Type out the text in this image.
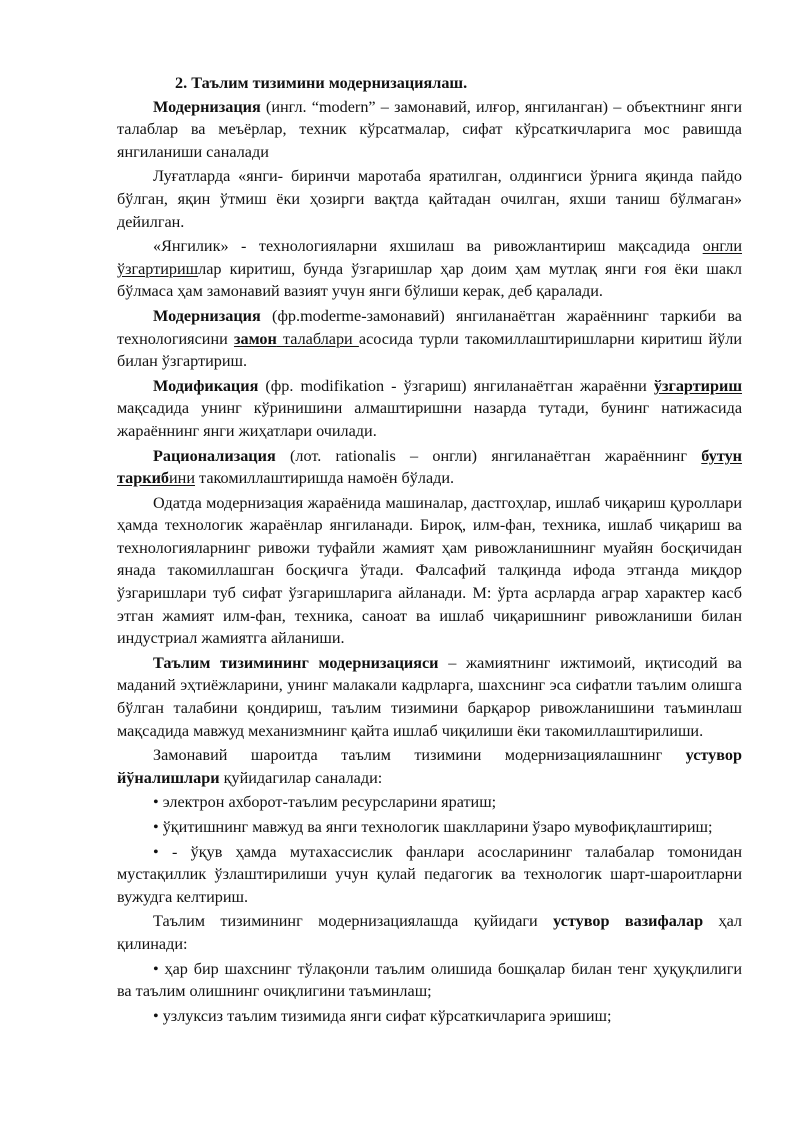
2. Таълим тизимини модернизациялаш.

Модернизация (ингл. “modern” – замонавий, илғор, янгиланган) – объектнинг янги талаблар ва меъёрлар, техник кўрсатмалар, сифат кўрсаткичларига мос равишда янгиланиши саналади

Луғатларда «янги- биринчи маротаба яратилган, олдингиси ўрнига яқинда пайдо бўлган, яқин ўтмиш ёки ҳозирги вақтда қайтадан очилган, яхши таниш бўлмаган» дейилган.

«Янгилик» - технологияларни яхшилаш ва ривожлантириш мақсадида онгли ўзгартиришлар киритиш, бунда ўзгаришлар ҳар доим ҳам мутлақ янги ғоя ёки шакл бўлмаса ҳам замонавий вазият учун янги бўлиши керак, деб қаралади.

Модернизация (фр.moderme-замонавий) янгиланаётган жараённинг таркиби ва технологиясини замон талаблари асосида турли такомиллаштиришларни киритиш йўли билан ўзгартириш.

Модификация (фр. modifikation - ўзгариш) янгиланаётган жараённи ўзгартириш мақсадида унинг кўринишини алмаштиришни назарда тутади, бунинг натижасида жараённинг янги жиҳатлари очилади.

Рационализация (лот. rationalis – онгли) янгиланаётган жараённинг бутун таркибини такомиллаштиришда намоён бўлади.

Одатда модернизация жараёнида машиналар, дастгоҳлар, ишлаб чиқариш қуроллари ҳамда технологик жараёнлар янгиланади. Бироқ, илм-фан, техника, ишлаб чиқариш ва технологияларнинг ривожи туфайли жамият ҳам ривожланишнинг муайян босқичидан янада такомиллашган босқичга ўтади. Фалсафий талқинда ифода этганда миқдор ўзгаришлари туб сифат ўзгаришларига айланади. М: ўрта асрларда аграр характер касб этган жамият илм-фан, техника, саноат ва ишлаб чиқаришнинг ривожланиши билан индустриал жамиятга айланиши.

Таълим тизимининг модернизацияси – жамиятнинг ижтимоий, иқтисодий ва маданий эҳтиёжларини, унинг малакали кадрларга, шахснинг эса сифатли таълим олишга бўлган талабини қондириш, таълим тизимини барқарор ривожланишини таъминлаш мақсадида мавжуд механизмнинг қайта ишлаб чиқилиши ёки такомиллаштирилиши.

Замонавий шароитда таълим тизимини модернизациялашнинг устувор йўналишлари қуйидагилар саналади:

• электрон ахборот-таълим ресурсларини яратиш;

• ўқитишнинг мавжуд ва янги технологик шаклларини ўзаро мувофиқлаштириш;

• - ўқув ҳамда мутахассислик фанлари асосларининг талабалар томонидан мустақиллик ўзлаштирилиши учун қулай педагогик ва технологик шарт-шароитларни вужудга келтириш.

Таълим тизимининг модернизациялашда қуйидаги устувор вазифалар ҳал қилинади:

• ҳар бир шахснинг тўлақонли таълим олишида бошқалар билан тенг ҳуқуқлилиги ва таълим олишнинг очиқлигини таъминлаш;

• узлуксиз таълим тизимида янги сифат кўрсаткичларига эришиш;
